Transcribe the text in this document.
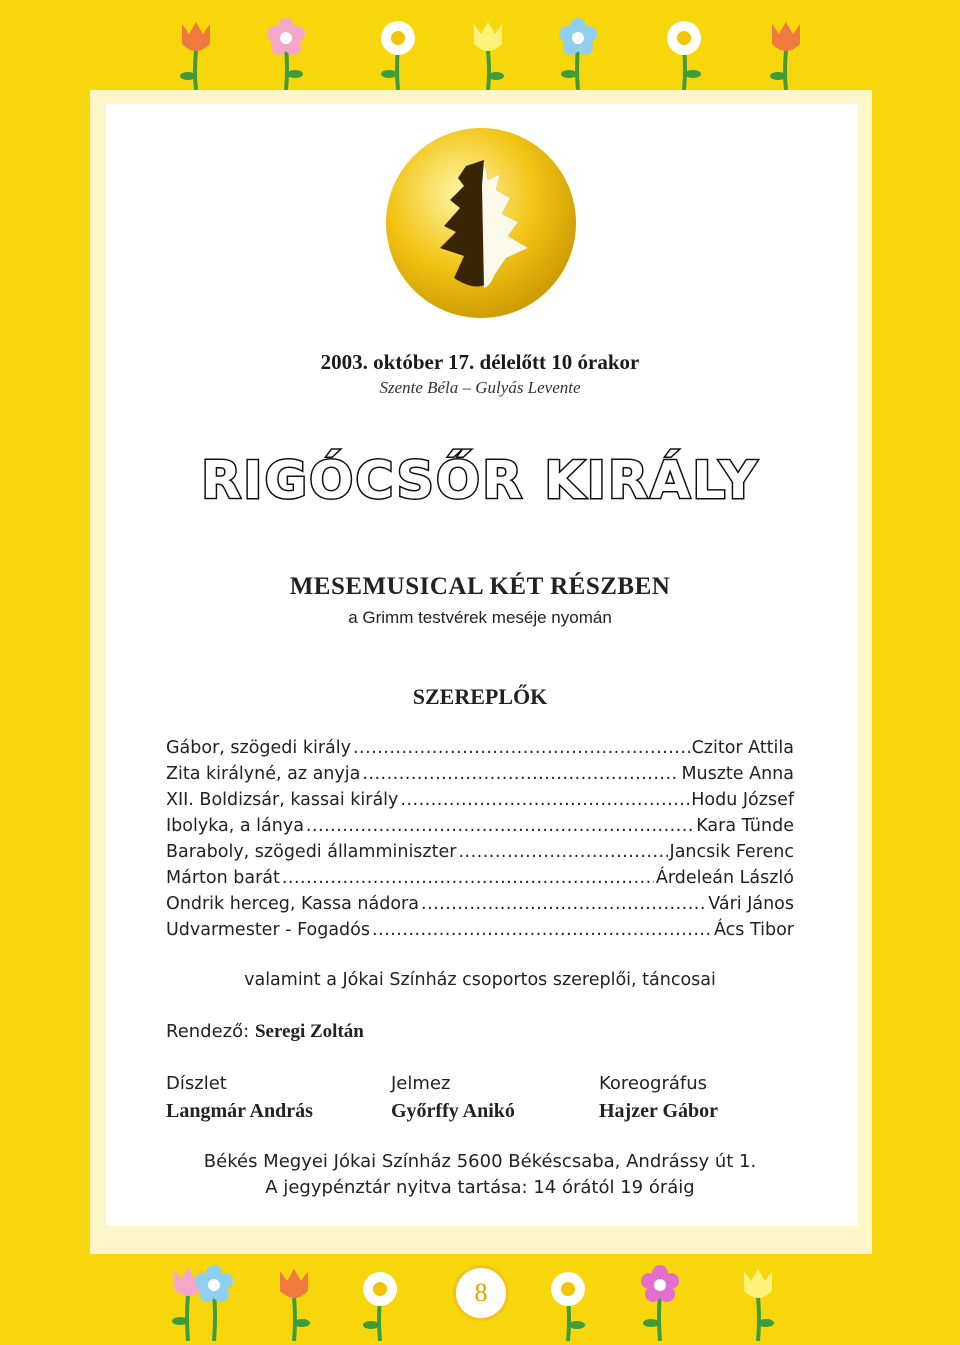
2003. október 17. délelőtt 10 órakor
Szente Béla – Gulyás Levente
RIGÓCSŐR KIRÁLY
MESEMUSICAL KÉT RÉSZBEN
a Grimm testvérek meséje nyomán
SZEREPLŐK
Gábor, szögedi király .....	Czitor Attila
Zita királyné, az anyja .....	Muszte Anna
XII. Boldizsár, kassai király .....	Hodu József
Ibolyka, a lánya .....	Kara Tünde
Baraboly, szögedi államminiszter .....	Jancsik Ferenc
Márton barát .....	Árdeleán László
Ondrik herceg, Kassa nádora .....	Vári János
Udvarmester - Fogadós .....	Ács Tibor
valamint a Jókai Színház csoportos szereplői, táncosai
Rendező: Seregi Zoltán
Díszlet
Langmár András
Jelmez
Győrffy Anikó
Koreográfus
Hajzer Gábor
Békés Megyei Jókai Színház 5600 Békéscsaba, Andrássy út 1.
A jegypénztár nyitva tartása: 14 órától 19 óráig
8
